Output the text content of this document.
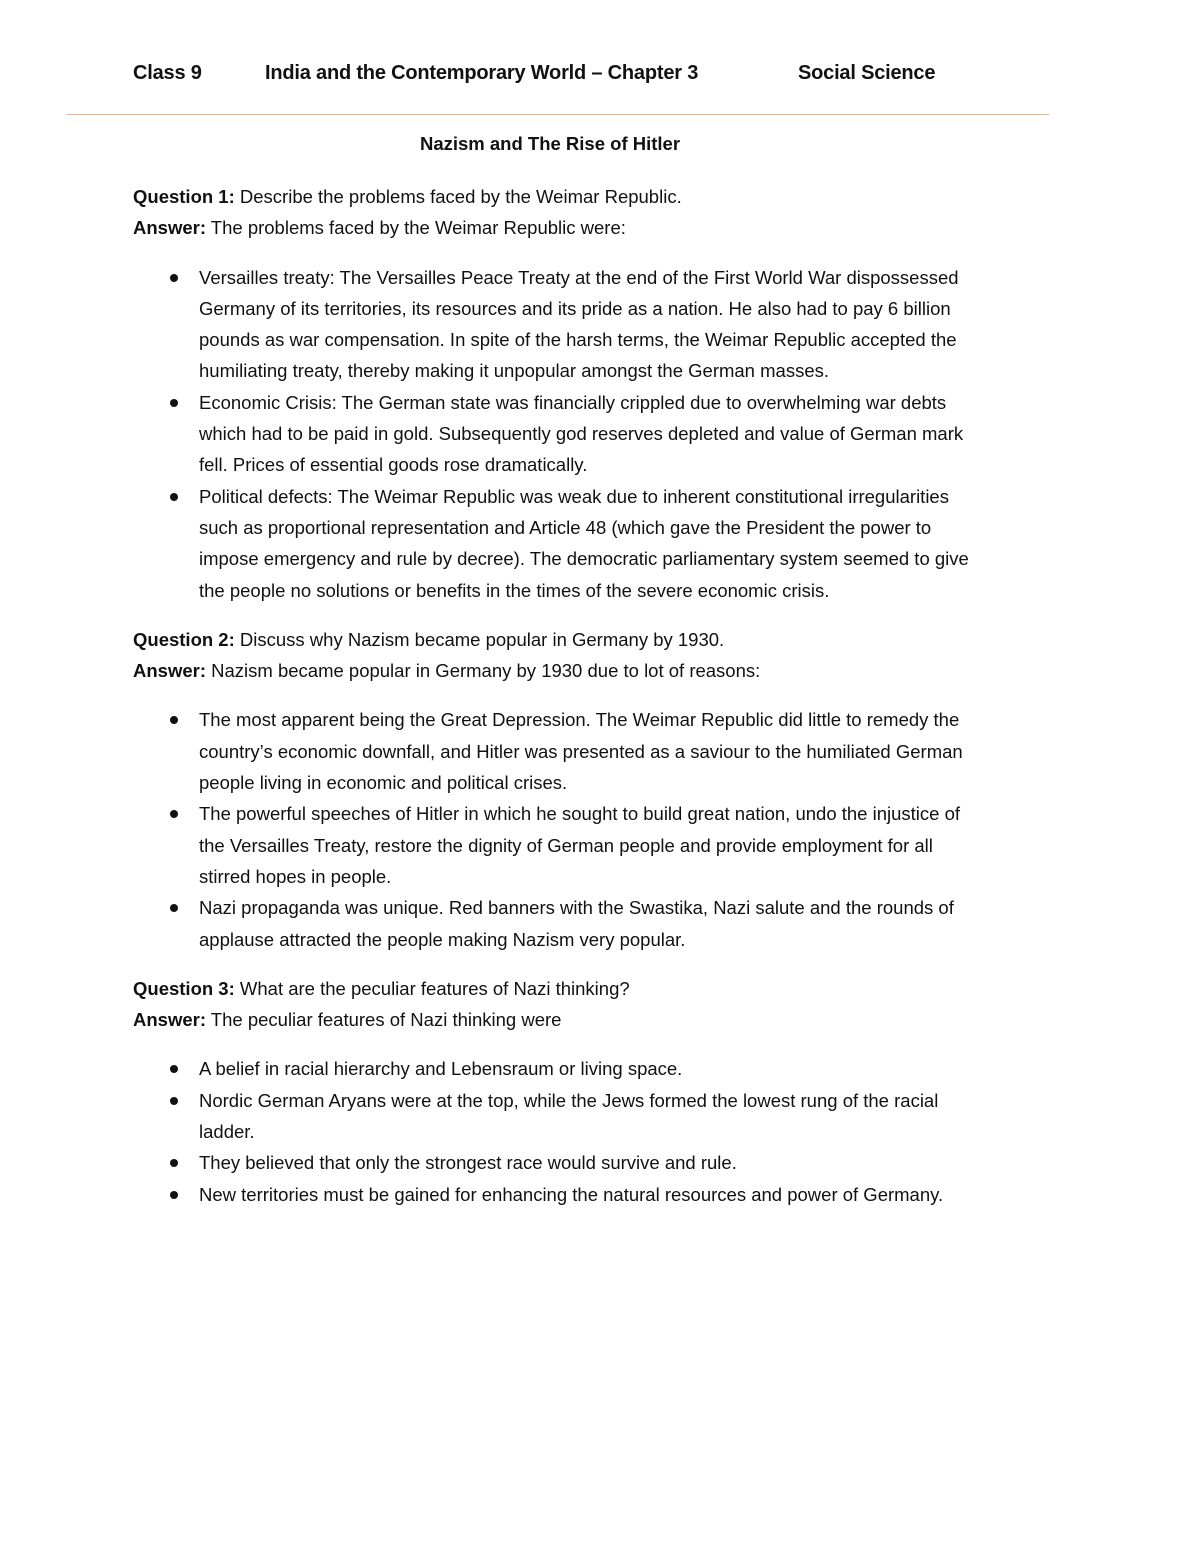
Class 9	India and the Contemporary World – Chapter 3	Social Science
Nazism and The Rise of Hitler

Question 1: Describe the problems faced by the Weimar Republic.

Answer: The problems faced by the Weimar Republic were:

Versailles treaty: The Versailles Peace Treaty at the end of the First World War dispossessed Germany of its territories, its resources and its pride as a nation. He also had to pay 6 billion pounds as war compensation. In spite of the harsh terms, the Weimar Republic accepted the humiliating treaty, thereby making it unpopular amongst the German masses.
Economic Crisis: The German state was financially crippled due to overwhelming war debts which had to be paid in gold. Subsequently god reserves depleted and value of German mark fell. Prices of essential goods rose dramatically.
Political defects: The Weimar Republic was weak due to inherent constitutional irregularities such as proportional representation and Article 48 (which gave the President the power to impose emergency and rule by decree). The democratic parliamentary system seemed to give the people no solutions or benefits in the times of the severe economic crisis.

Question 2: Discuss why Nazism became popular in Germany by 1930.

Answer: Nazism became popular in Germany by 1930 due to lot of reasons:

The most apparent being the Great Depression. The Weimar Republic did little to remedy the country’s economic downfall, and Hitler was presented as a saviour to the humiliated German people living in economic and political crises.
The powerful speeches of Hitler in which he sought to build great nation, undo the injustice of the Versailles Treaty, restore the dignity of German people and provide employment for all stirred hopes in people.
Nazi propaganda was unique. Red banners with the Swastika, Nazi salute and the rounds of applause attracted the people making Nazism very popular.

Question 3: What are the peculiar features of Nazi thinking?

Answer: The peculiar features of Nazi thinking were

A belief in racial hierarchy and Lebensraum or living space.
Nordic German Aryans were at the top, while the Jews formed the lowest rung of the racial ladder.
They believed that only the strongest race would survive and rule.
New territories must be gained for enhancing the natural resources and power of Germany.
